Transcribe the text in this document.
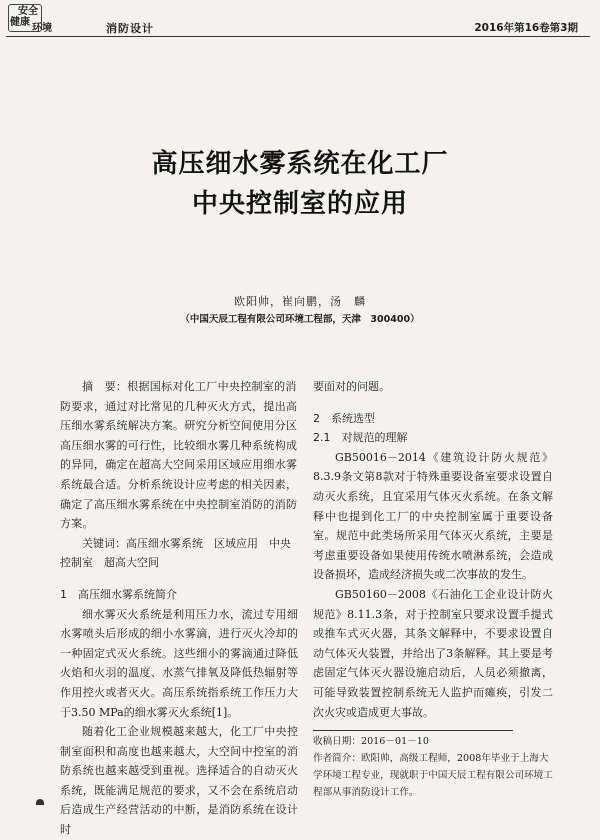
安全
健康
环境	消防设计	2016年第16卷第3期
高压细水雾系统在化工厂
中央控制室的应用
欧阳帅，崔向鹏，汤　麟
（中国天辰工程有限公司环境工程部，天津　300400）

摘　要：根据国标对化工厂中央控制室的消防要求，通过对比常见的几种灭火方式，提出高压细水雾系统解决方案。研究分析空间使用分区高压细水雾的可行性，比较细水雾几种系统构成的异同，确定在超高大空间采用区域应用细水雾系统最合适。分析系统设计应考虑的相关因素，确定了高压细水雾系统在中央控制室消防的消防方案。

关键词：高压细水雾系统　区域应用　中央控制室　超高大空间

1　高压细水雾系统简介

细水雾灭火系统是利用压力水，流过专用细水雾喷头后形成的细小水雾滴，进行灭火冷却的一种固定式灭火系统。这些细小的雾滴通过降低火焰和火羽的温度、水蒸气排氧及降低热辐射等作用控火或者灭火。高压系统指系统工作压力大于3.50 MPa的细水雾灭火系统[1]。

随着化工企业规模越来越大，化工厂中央控制室面积和高度也越来越大，大空间中控室的消防系统也越来越受到重视。选择适合的自动灭火系统，既能满足规范的要求，又不会在系统启动后造成生产经营活动的中断，是消防系统在设计时

要面对的问题。

2　系统选型

2.1　对规范的理解

GB50016－2014《建筑设计防火规范》8.3.9条文第8款对于特殊重要设备室要求设置自动灭火系统，且宜采用气体灭火系统。在条文解释中也提到化工厂的中央控制室属于重要设备室。规范中此类场所采用气体灭火系统，主要是考虑重要设备如果使用传统水喷淋系统，会造成设备损坏，造成经济损失或二次事故的发生。

GB50160－2008《石油化工企业设计防火规范》8.11.3条，对于控制室只要求设置手提式或推车式灭火器，其条文解释中，不要求设置自动气体灭火装置，并给出了3条解释。其上要是考虑固定气体灭火器设施启动后，人员必须撤离，可能导致装置控制系统无人监护而瘫痪，引发二次火灾或造成更大事故。

收稿日期：2016－01－10

作者简介：欧阳帅，高级工程师，2008年毕业于上海大学环境工程专业，现就职于中国天辰工程有限公司环境工程部从事消防设计工作。
